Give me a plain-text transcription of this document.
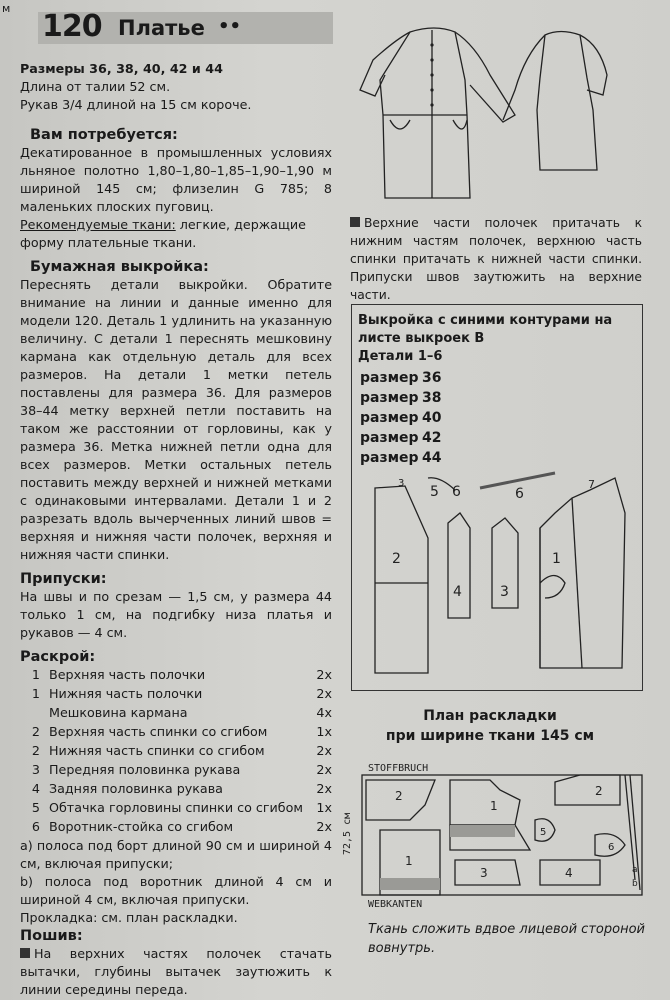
м
120 Платье ••

Размеры 36, 38, 40, 42 и 44

Длина от талии 52 см.

Рукав 3/4 длиной на 15 см короче.

Вам потребуется:

Декатированное в промышленных условиях льняное полотно 1,80–1,80–1,85–1,90–1,90 м шириной 145 см; флизелин G 785; 8 маленьких плоских пуговиц.

Рекомендуемые ткани: легкие, держащие форму плательные ткани.

Бумажная выкройка:

Переснять детали выкройки. Обратите внимание на линии и данные именно для модели 120. Деталь 1 удлинить на указанную величину. С детали 1 переснять мешковину кармана как отдельную деталь для всех размеров. На детали 1 метки петель поставлены для размера 36. Для размеров 38–44 метку верхней петли поставить на таком же расстоянии от горловины, как у размера 36. Метка нижней петли одна для всех размеров. Метки остальных петель поставить между верхней и нижней метками с одинаковыми интервалами. Детали 1 и 2 разрезать вдоль вычерченных линий швов = верхняя и нижняя части полочек, верхняя и нижняя части спинки.

Припуски:

На швы и по срезам — 1,5 см, у размера 44 только 1 см, на подгибку низа платья и рукавов — 4 см.

Раскрой:
1 Верхняя часть полочки	2x
1 Нижняя часть полочки	2x
Мешковина кармана	4x
2 Верхняя часть спинки со сгибом	1x
2 Нижняя часть спинки со сгибом	2x
3 Передняя половинка рукава	2x
4 Задняя половинка рукава	2x
5 Обтачка горловины спинки со сгибом	1x
6 Воротник-стойка со сгибом	2x

a) полоса под борт длиной 90 см и шириной 4 см, включая припуски;

b) полоса под воротник длиной 4 см и шириной 4 см, включая припуски.

Прокладка: см. план раскладки.

Пошив:

На верхних частях полочек стачать вытачки, глубины вытачек заутюжить к линии середины переда.

Верхние части полочек притачать к нижним частям полочек, верхнюю часть спинки притачать к нижней части спинки. Припуски швов заутюжить на верхние части.
Выкройка с синими контурами на листе выкроек В
Детали 1–6
размер 36
размер 38
размер 40
размер 42
размер 44
2
3
5 6	6
4	3
1
7
План раскладки
при ширине ткани 145 см
STOFFBRUCH
WEBKANTEN
72,5 см
2
1
2
1
3	4
5
6
a
b
Ткань сложить вдвое лицевой стороной вовнутрь.
